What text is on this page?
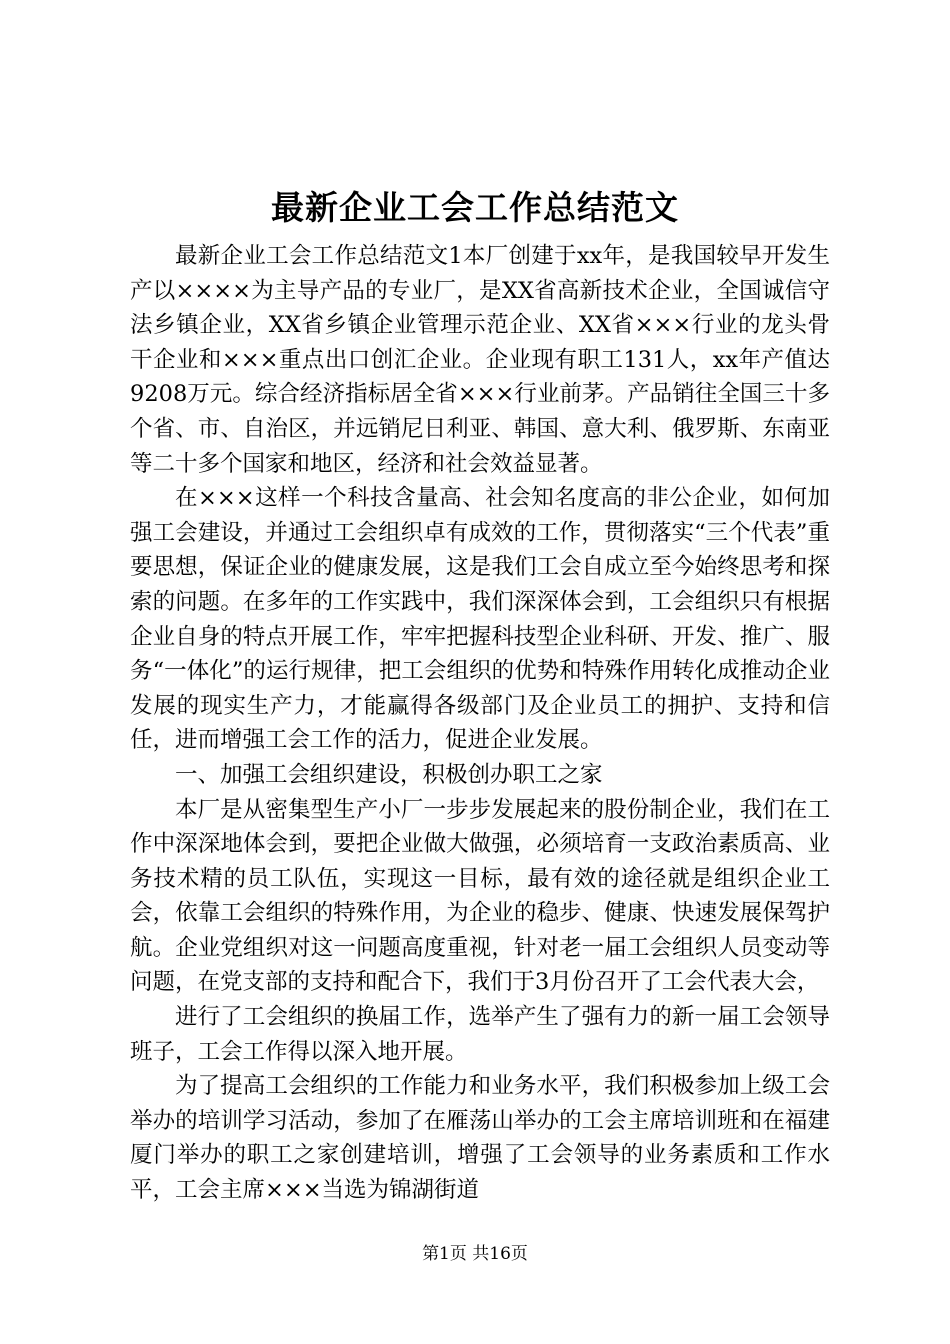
最新企业工会工作总结范文

最新企业工会工作总结范文1本厂创建于xx年，是我国较早开发生产以××××为主导产品的专业厂，是XX省高新技术企业，全国诚信守法乡镇企业，XX省乡镇企业管理示范企业、XX省×××行业的龙头骨干企业和×××重点出口创汇企业。企业现有职工131人，xx年产值达9208万元。综合经济指标居全省×××行业前茅。产品销往全国三十多个省、市、自治区，并远销尼日利亚、韩国、意大利、俄罗斯、东南亚等二十多个国家和地区，经济和社会效益显著。

在×××这样一个科技含量高、社会知名度高的非公企业，如何加强工会建设，并通过工会组织卓有成效的工作，贯彻落实“三个代表”重要思想，保证企业的健康发展，这是我们工会自成立至今始终思考和探索的问题。在多年的工作实践中，我们深深体会到，工会组织只有根据企业自身的特点开展工作，牢牢把握科技型企业科研、开发、推广、服务“一体化”的运行规律，把工会组织的优势和特殊作用转化成推动企业发展的现实生产力，才能赢得各级部门及企业员工的拥护、支持和信任，进而增强工会工作的活力，促进企业发展。

一、加强工会组织建设，积极创办职工之家

本厂是从密集型生产小厂一步步发展起来的股份制企业，我们在工作中深深地体会到，要把企业做大做强，必须培育一支政治素质高、业务技术精的员工队伍，实现这一目标，最有效的途径就是组织企业工会，依靠工会组织的特殊作用，为企业的稳步、健康、快速发展保驾护航。企业党组织对这一问题高度重视，针对老一届工会组织人员变动等问题，在党支部的支持和配合下，我们于3月份召开了工会代表大会，

进行了工会组织的换届工作，选举产生了强有力的新一届工会领导班子，工会工作得以深入地开展。

为了提高工会组织的工作能力和业务水平，我们积极参加上级工会举办的培训学习活动，参加了在雁荡山举办的工会主席培训班和在福建厦门举办的职工之家创建培训，增强了工会领导的业务素质和工作水平，工会主席×××当选为锦湖街道

第1页 共16页
